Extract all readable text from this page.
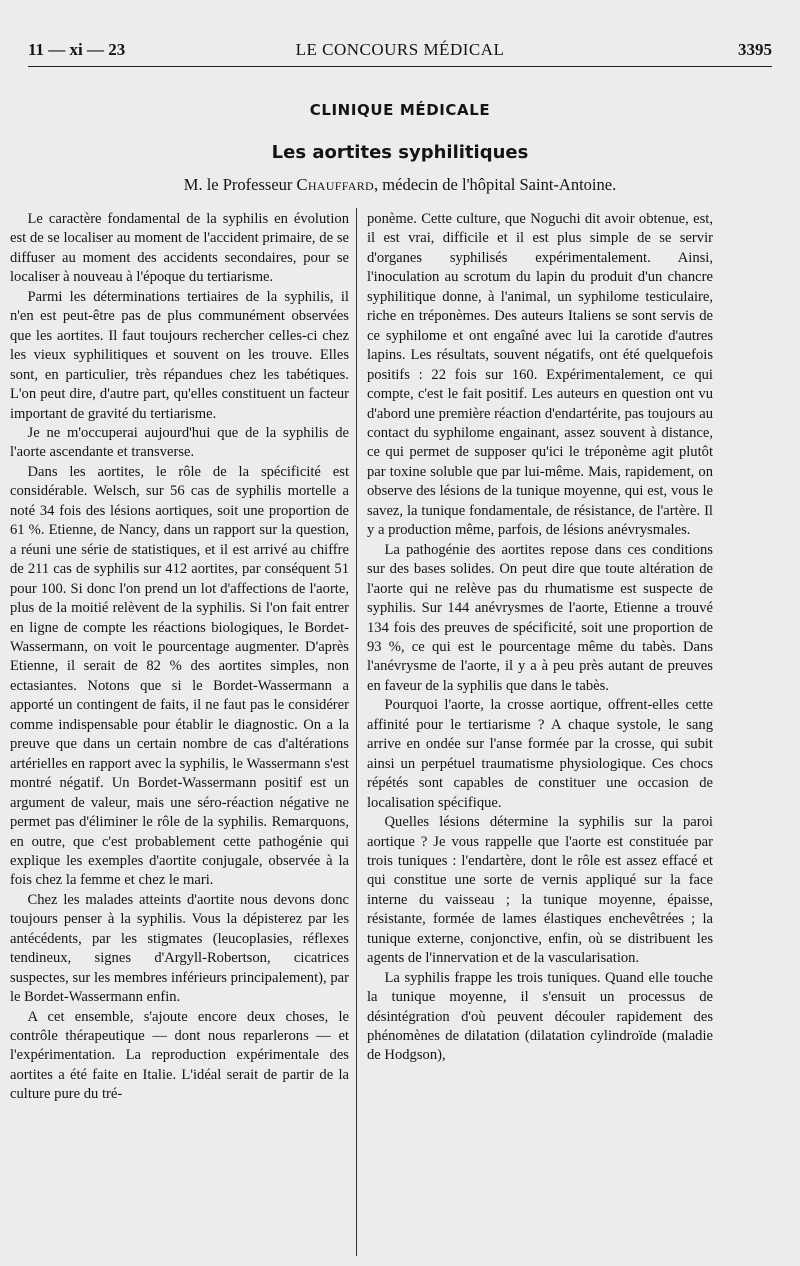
11 — xi — 23	LE CONCOURS MÉDICAL	3395
CLINIQUE MÉDICALE
Les aortites syphilitiques
M. le Professeur Chauffard, médecin de l'hôpital Saint-Antoine.

Le caractère fondamental de la syphilis en évolution est de se localiser au moment de l'accident primaire, de se diffuser au moment des accidents secondaires, pour se localiser à nouveau à l'époque du tertiarisme.

Parmi les déterminations tertiaires de la syphilis, il n'en est peut-être pas de plus communément observées que les aortites. Il faut toujours rechercher celles-ci chez les vieux syphilitiques et souvent on les trouve. Elles sont, en particulier, très répandues chez les tabétiques. L'on peut dire, d'autre part, qu'elles constituent un facteur important de gravité du tertiarisme.

Je ne m'occuperai aujourd'hui que de la syphilis de l'aorte ascendante et transverse.

Dans les aortites, le rôle de la spécificité est considérable. Welsch, sur 56 cas de syphilis mortelle a noté 34 fois des lésions aortiques, soit une proportion de 61 %. Etienne, de Nancy, dans un rapport sur la question, a réuni une série de statistiques, et il est arrivé au chiffre de 211 cas de syphilis sur 412 aortites, par conséquent 51 pour 100. Si donc l'on prend un lot d'affections de l'aorte, plus de la moitié relèvent de la syphilis. Si l'on fait entrer en ligne de compte les réactions biologiques, le Bordet-Wassermann, on voit le pourcentage augmenter. D'après Etienne, il serait de 82 % des aortites simples, non ectasiantes. Notons que si le Bordet-Wassermann a apporté un contingent de faits, il ne faut pas le considérer comme indispensable pour établir le diagnostic. On a la preuve que dans un certain nombre de cas d'altérations artérielles en rapport avec la syphilis, le Wassermann s'est montré négatif. Un Bordet-Wassermann positif est un argument de valeur, mais une séro-réaction négative ne permet pas d'éliminer le rôle de la syphilis. Remarquons, en outre, que c'est probablement cette pathogénie qui explique les exemples d'aortite conjugale, observée à la fois chez la femme et chez le mari.

Chez les malades atteints d'aortite nous devons donc toujours penser à la syphilis. Vous la dépisterez par les antécédents, par les stigmates (leucoplasies, réflexes tendineux, signes d'Argyll-Robertson, cicatrices suspectes, sur les membres inférieurs principalement), par le Bordet-Wassermann enfin.

A cet ensemble, s'ajoute encore deux choses, le contrôle thérapeutique — dont nous reparlerons — et l'expérimentation. La reproduction expérimentale des aortites a été faite en Italie. L'idéal serait de partir de la culture pure du tré-

ponème. Cette culture, que Noguchi dit avoir obtenue, est, il est vrai, difficile et il est plus simple de se servir d'organes syphilisés expérimentalement. Ainsi, l'inoculation au scrotum du lapin du produit d'un chancre syphilitique donne, à l'animal, un syphilome testiculaire, riche en tréponèmes. Des auteurs Italiens se sont servis de ce syphilome et ont engaîné avec lui la carotide d'autres lapins. Les résultats, souvent négatifs, ont été quelquefois positifs : 22 fois sur 160. Expérimentalement, ce qui compte, c'est le fait positif. Les auteurs en question ont vu d'abord une première réaction d'endartérite, pas toujours au contact du syphilome engainant, assez souvent à distance, ce qui permet de supposer qu'ici le tréponème agit plutôt par toxine soluble que par lui-même. Mais, rapidement, on observe des lésions de la tunique moyenne, qui est, vous le savez, la tunique fondamentale, de résistance, de l'artère. Il y a production même, parfois, de lésions anévrysmales.

La pathogénie des aortites repose dans ces conditions sur des bases solides. On peut dire que toute altération de l'aorte qui ne relève pas du rhumatisme est suspecte de syphilis. Sur 144 anévrysmes de l'aorte, Etienne a trouvé 134 fois des preuves de spécificité, soit une proportion de 93 %, ce qui est le pourcentage même du tabès. Dans l'anévrysme de l'aorte, il y a à peu près autant de preuves en faveur de la syphilis que dans le tabès.

Pourquoi l'aorte, la crosse aortique, offrent-elles cette affinité pour le tertiarisme ? A chaque systole, le sang arrive en ondée sur l'anse formée par la crosse, qui subit ainsi un perpétuel traumatisme physiologique. Ces chocs répétés sont capables de constituer une occasion de localisation spécifique.

Quelles lésions détermine la syphilis sur la paroi aortique ? Je vous rappelle que l'aorte est constituée par trois tuniques : l'endartère, dont le rôle est assez effacé et qui constitue une sorte de vernis appliqué sur la face interne du vaisseau ; la tunique moyenne, épaisse, résistante, formée de lames élastiques enchevêtrées ; la tunique externe, conjonctive, enfin, où se distribuent les agents de l'innervation et de la vascularisation.

La syphilis frappe les trois tuniques. Quand elle touche la tunique moyenne, il s'ensuit un processus de désintégration d'où peuvent découler rapidement des phénomènes de dilatation (dilatation cylindroïde (maladie de Hodgson),
